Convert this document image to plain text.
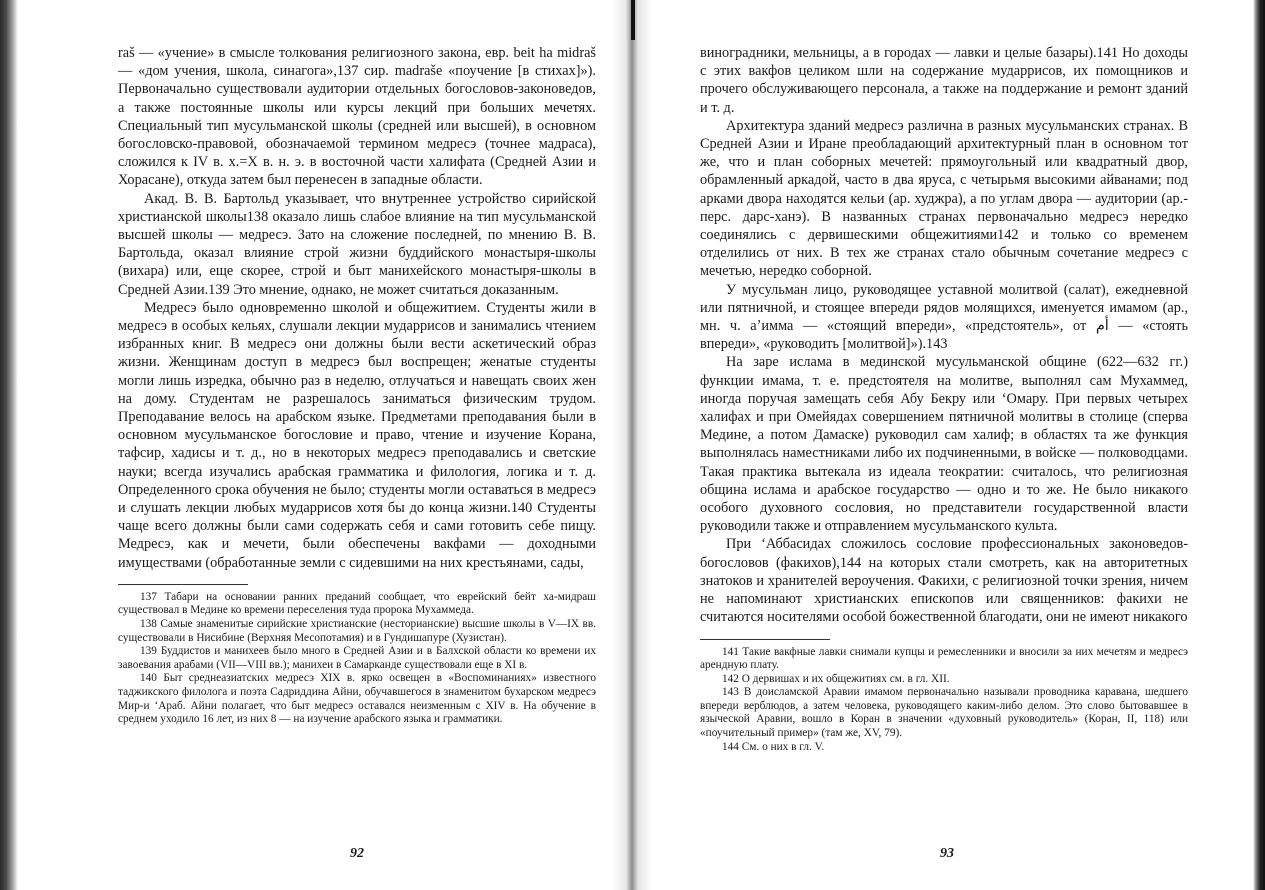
raš — «учение» в смысле толкования религиозного закона, евр. beit ha midraš — «дом учения, школа, синагога»,137 сир. madraše «поучение [в стихах]»). Первоначально существовали аудитории отдельных богословов-законоведов, а также постоянные школы или курсы лекций при больших мечетях. Специальный тип мусульманской школы (средней или высшей), в основном богословско-правовой, обозначаемой термином медресэ (точнее мадраса), сложился к IV в. х.=X в. н. э. в восточной части халифата (Средней Азии и Хорасане), откуда затем был перенесен в западные области.

Акад. В. В. Бартольд указывает, что внутреннее устройство сирийской христианской школы138 оказало лишь слабое влияние на тип мусульманской высшей школы — медресэ. Зато на сложение последней, по мнению В. В. Бартольда, оказал влияние строй жизни буддийского монастыря-школы (вихара) или, еще скорее, строй и быт манихейского монастыря-школы в Средней Азии.139 Это мнение, однако, не может считаться доказанным.

Медресэ было одновременно школой и общежитием. Студенты жили в медресэ в особых кельях, слушали лекции мударрисов и занимались чтением избранных книг. В медресэ они должны были вести аскетический образ жизни. Женщинам доступ в медресэ был воспрещен; женатые студенты могли лишь изредка, обычно раз в неделю, отлучаться и навещать своих жен на дому. Студентам не разрешалось заниматься физическим трудом. Преподавание велось на арабском языке. Предметами преподавания были в основном мусульманское богословие и право, чтение и изучение Корана, тафсир, хадисы и т. д., но в некоторых медресэ преподавались и светские науки; всегда изучались арабская грамматика и филология, логика и т. д. Определенного срока обучения не было; студенты могли оставаться в медресэ и слушать лекции любых мударрисов хотя бы до конца жизни.140 Студенты чаще всего должны были сами содержать себя и сами готовить себе пищу. Медресэ, как и мечети, были обеспечены вакфами — доходными имуществами (обработанные земли с сидевшими на них крестьянами, сады,

137 Табари на основании ранних преданий сообщает, что еврейский бейт ха-мидраш существовал в Медине ко времени переселения туда пророка Мухаммеда.

138 Самые знаменитые сирийские христианские (несторианские) высшие школы в V—IX вв. существовали в Нисибине (Верхняя Месопотамия) и в Гундишапуре (Хузистан).

139 Буддистов и манихеев было много в Средней Азии и в Балхской области ко времени их завоевания арабами (VII—VIII вв.); манихеи в Самарканде существовали еще в XI в.

140 Быт среднеазиатских медресэ XIX в. ярко освещен в «Воспоминаниях» известного таджикского филолога и поэта Садриддина Айни, обучавшегося в знаменитом бухарском медресэ Мир-и ʻАраб. Айни полагает, что быт медресэ оставался неизменным с XIV в. На обучение в среднем уходило 16 лет, из них 8 — на изучение арабского языка и грамматики.

92

виноградники, мельницы, а в городах — лавки и целые базары).141 Но доходы с этих вакфов целиком шли на содержание мударрисов, их помощников и прочего обслуживающего персонала, а также на поддержание и ремонт зданий и т. д.

Архитектура зданий медресэ различна в разных мусульманских странах. В Средней Азии и Иране преобладающий архитектурный план в основном тот же, что и план соборных мечетей: прямоугольный или квадратный двор, обрамленный аркадой, часто в два яруса, с четырьмя высокими айванами; под арками двора находятся кельи (ар. худжра), а по углам двора — аудитории (ар.-перс. дарс-ханэ). В названных странах первоначально медресэ нередко соединялись с дервишескими общежитиями142 и только со временем отделились от них. В тех же странах стало обычным сочетание медресэ с мечетью, нередко соборной.

У мусульман лицо, руководящее уставной молитвой (салат), ежедневной или пятничной, и стоящее впереди рядов молящихся, именуется имамом (ар., мн. ч. аʼимма — «стоящий впереди», «предстоятель», от ﺃﻡ — «стоять впереди», «руководить [молитвой]»).143

На заре ислама в мединской мусульманской общине (622—632 гг.) функции имама, т. е. предстоятеля на молитве, выполнял сам Мухаммед, иногда поручая замещать себя Абу Бекру или ʻОмару. При первых четырех халифах и при Омейядах совершением пятничной молитвы в столице (сперва Медине, а потом Дамаске) руководил сам халиф; в областях та же функция выполнялась наместниками либо их подчиненными, в войске — полководцами. Такая практика вытекала из идеала теократии: считалось, что религиозная община ислама и арабское государство — одно и то же. Не было никакого особого духовного сословия, но представители государственной власти руководили также и отправлением мусульманского культа.

При ʻАббасидах сложилось сословие профессиональных законоведов-богословов (факихов),144 на которых стали смотреть, как на авторитетных знатоков и хранителей вероучения. Факихи, с религиозной точки зрения, ничем не напоминают христианских епископов или священников: факихи не считаются носителями особой божественной благодати, они не имеют никакого

141 Такие вакфные лавки снимали купцы и ремесленники и вносили за них мечетям и медресэ арендную плату.

142 О дервишах и их общежитиях см. в гл. XII.

143 В доисламской Аравии имамом первоначально называли проводника каравана, шедшего впереди верблюдов, а затем человека, руководящего каким-либо делом. Это слово бытовавшее в языческой Аравии, вошло в Коран в значении «духовный руководитель» (Коран, II, 118) или «поучительный пример» (там же, XV, 79).

144 См. о них в гл. V.

93
